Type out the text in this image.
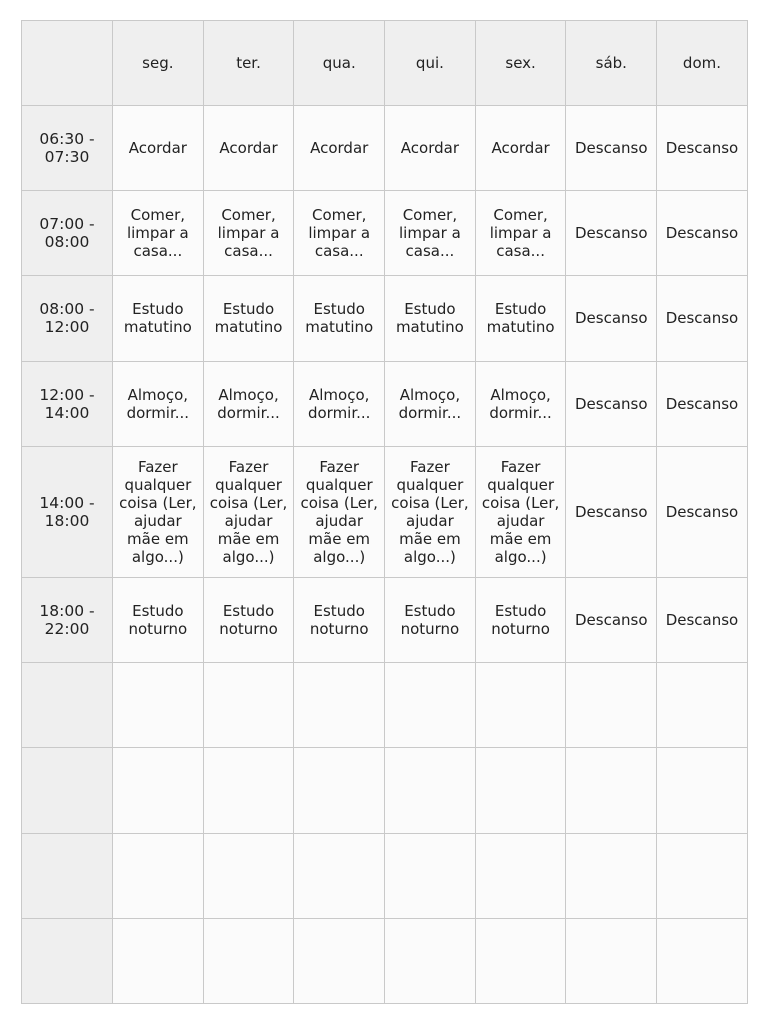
	seg.	ter.	qua.	qui.	sex.	sáb.	dom.
06:30 - 07:30	Acordar	Acordar	Acordar	Acordar	Acordar	Descanso	Descanso
07:00 - 08:00	Comer, limpar a casa...	Comer, limpar a casa...	Comer, limpar a casa...	Comer, limpar a casa...	Comer, limpar a casa...	Descanso	Descanso
08:00 - 12:00	Estudo matutino	Estudo matutino	Estudo matutino	Estudo matutino	Estudo matutino	Descanso	Descanso
12:00 - 14:00	Almoço, dormir...	Almoço, dormir...	Almoço, dormir...	Almoço, dormir...	Almoço, dormir...	Descanso	Descanso
14:00 - 18:00	Fazer qualquer coisa (Ler, ajudar mãe em algo...)	Fazer qualquer coisa (Ler, ajudar mãe em algo...)	Fazer qualquer coisa (Ler, ajudar mãe em algo...)	Fazer qualquer coisa (Ler, ajudar mãe em algo...)	Fazer qualquer coisa (Ler, ajudar mãe em algo...)	Descanso	Descanso
18:00 - 22:00	Estudo noturno	Estudo noturno	Estudo noturno	Estudo noturno	Estudo noturno	Descanso	Descanso
